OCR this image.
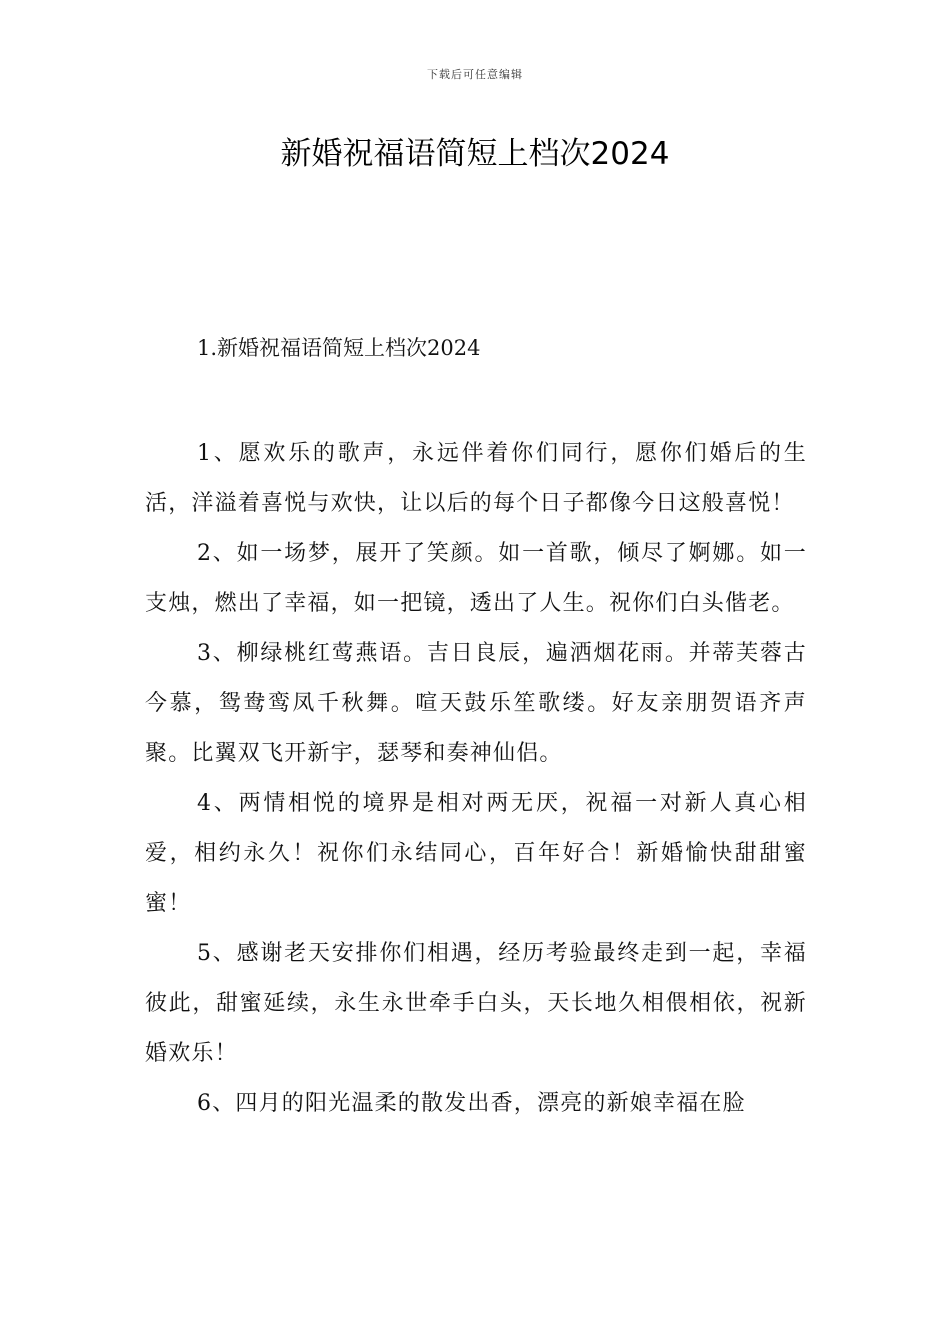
下载后可任意编辑
新婚祝福语简短上档次2024

1.新婚祝福语简短上档次2024

1、愿欢乐的歌声，永远伴着你们同行，愿你们婚后的生活，洋溢着喜悦与欢快，让以后的每个日子都像今日这般喜悦！

2、如一场梦，展开了笑颜。如一首歌，倾尽了婀娜。如一支烛，燃出了幸福，如一把镜，透出了人生。祝你们白头偕老。

3、柳绿桃红莺燕语。吉日良辰，遍洒烟花雨。并蒂芙蓉古今慕，鸳鸯鸾凤千秋舞。喧天鼓乐笙歌缕。好友亲朋贺语齐声聚。比翼双飞开新宇，瑟琴和奏神仙侣。

4、两情相悦的境界是相对两无厌，祝福一对新人真心相爱，相约永久！祝你们永结同心，百年好合！新婚愉快甜甜蜜蜜！

5、感谢老天安排你们相遇，经历考验最终走到一起，幸福彼此，甜蜜延续，永生永世牵手白头，天长地久相偎相依，祝新婚欢乐！

6、四月的阳光温柔的散发出香，漂亮的新娘幸福在脸
